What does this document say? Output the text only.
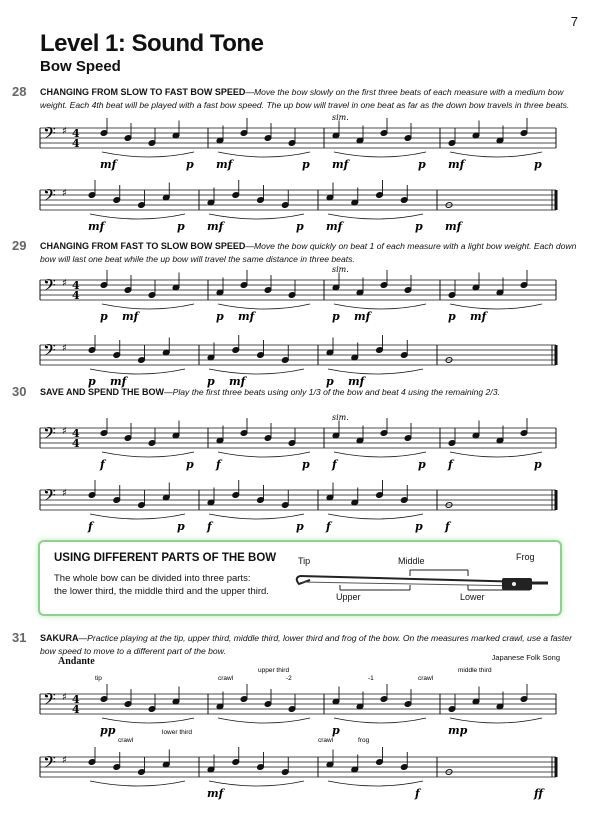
7
Level 1: Sound Tone
Bow Speed
28 CHANGING FROM SLOW TO FAST BOW SPEED—Move the bow slowly on the first three beats of each measure with a medium bow weight. Each 4th beat will be played with a fast bow speed. The up bow will travel in one beat as far as the down bow travels in three beats.
𝄢 ♯ 4
4
mf	p mf	p mf	p
sim.
mf	p
𝄢 ♯
mf	p mf	p mf	p mf
29 CHANGING FROM FAST TO SLOW BOW SPEED—Move the bow quickly on beat 1 of each measure with a light bow weight. Each down bow will last one beat while the up bow will travel the same distance in three beats.
𝄢 ♯ 4
4
p mf	p mf	p mf
sim.
p mf
𝄢 ♯
p mf	p mf	p mf
30 SAVE AND SPEND THE BOW—Play the first three beats using only 1/3 of the bow and beat 4 using the remaining 2/3.
𝄢 ♯ 4
4
f	p f	p f	p
sim.
f	p
𝄢 ♯
f	p f	p f	p f
USING DIFFERENT PARTS OF THE BOW
The whole bow can be divided into three parts:
the lower third, the middle third and the upper third.
Tip	Middle	Frog
Upper	Lower
31 SAKURA—Practice playing at the tip, upper third, middle third, lower third and frog of the bow. On the measures marked crawl, use a faster bow speed to move to a different part of the bow.
Japanese Folk Song
Andante
𝄢 ♯ 4
4
pp	p	mp
tip	crawl
upper third
-2	-1	crawl
middle third
𝄢 ♯
mf	f	ff
crawl
lower third
crawl	frog
